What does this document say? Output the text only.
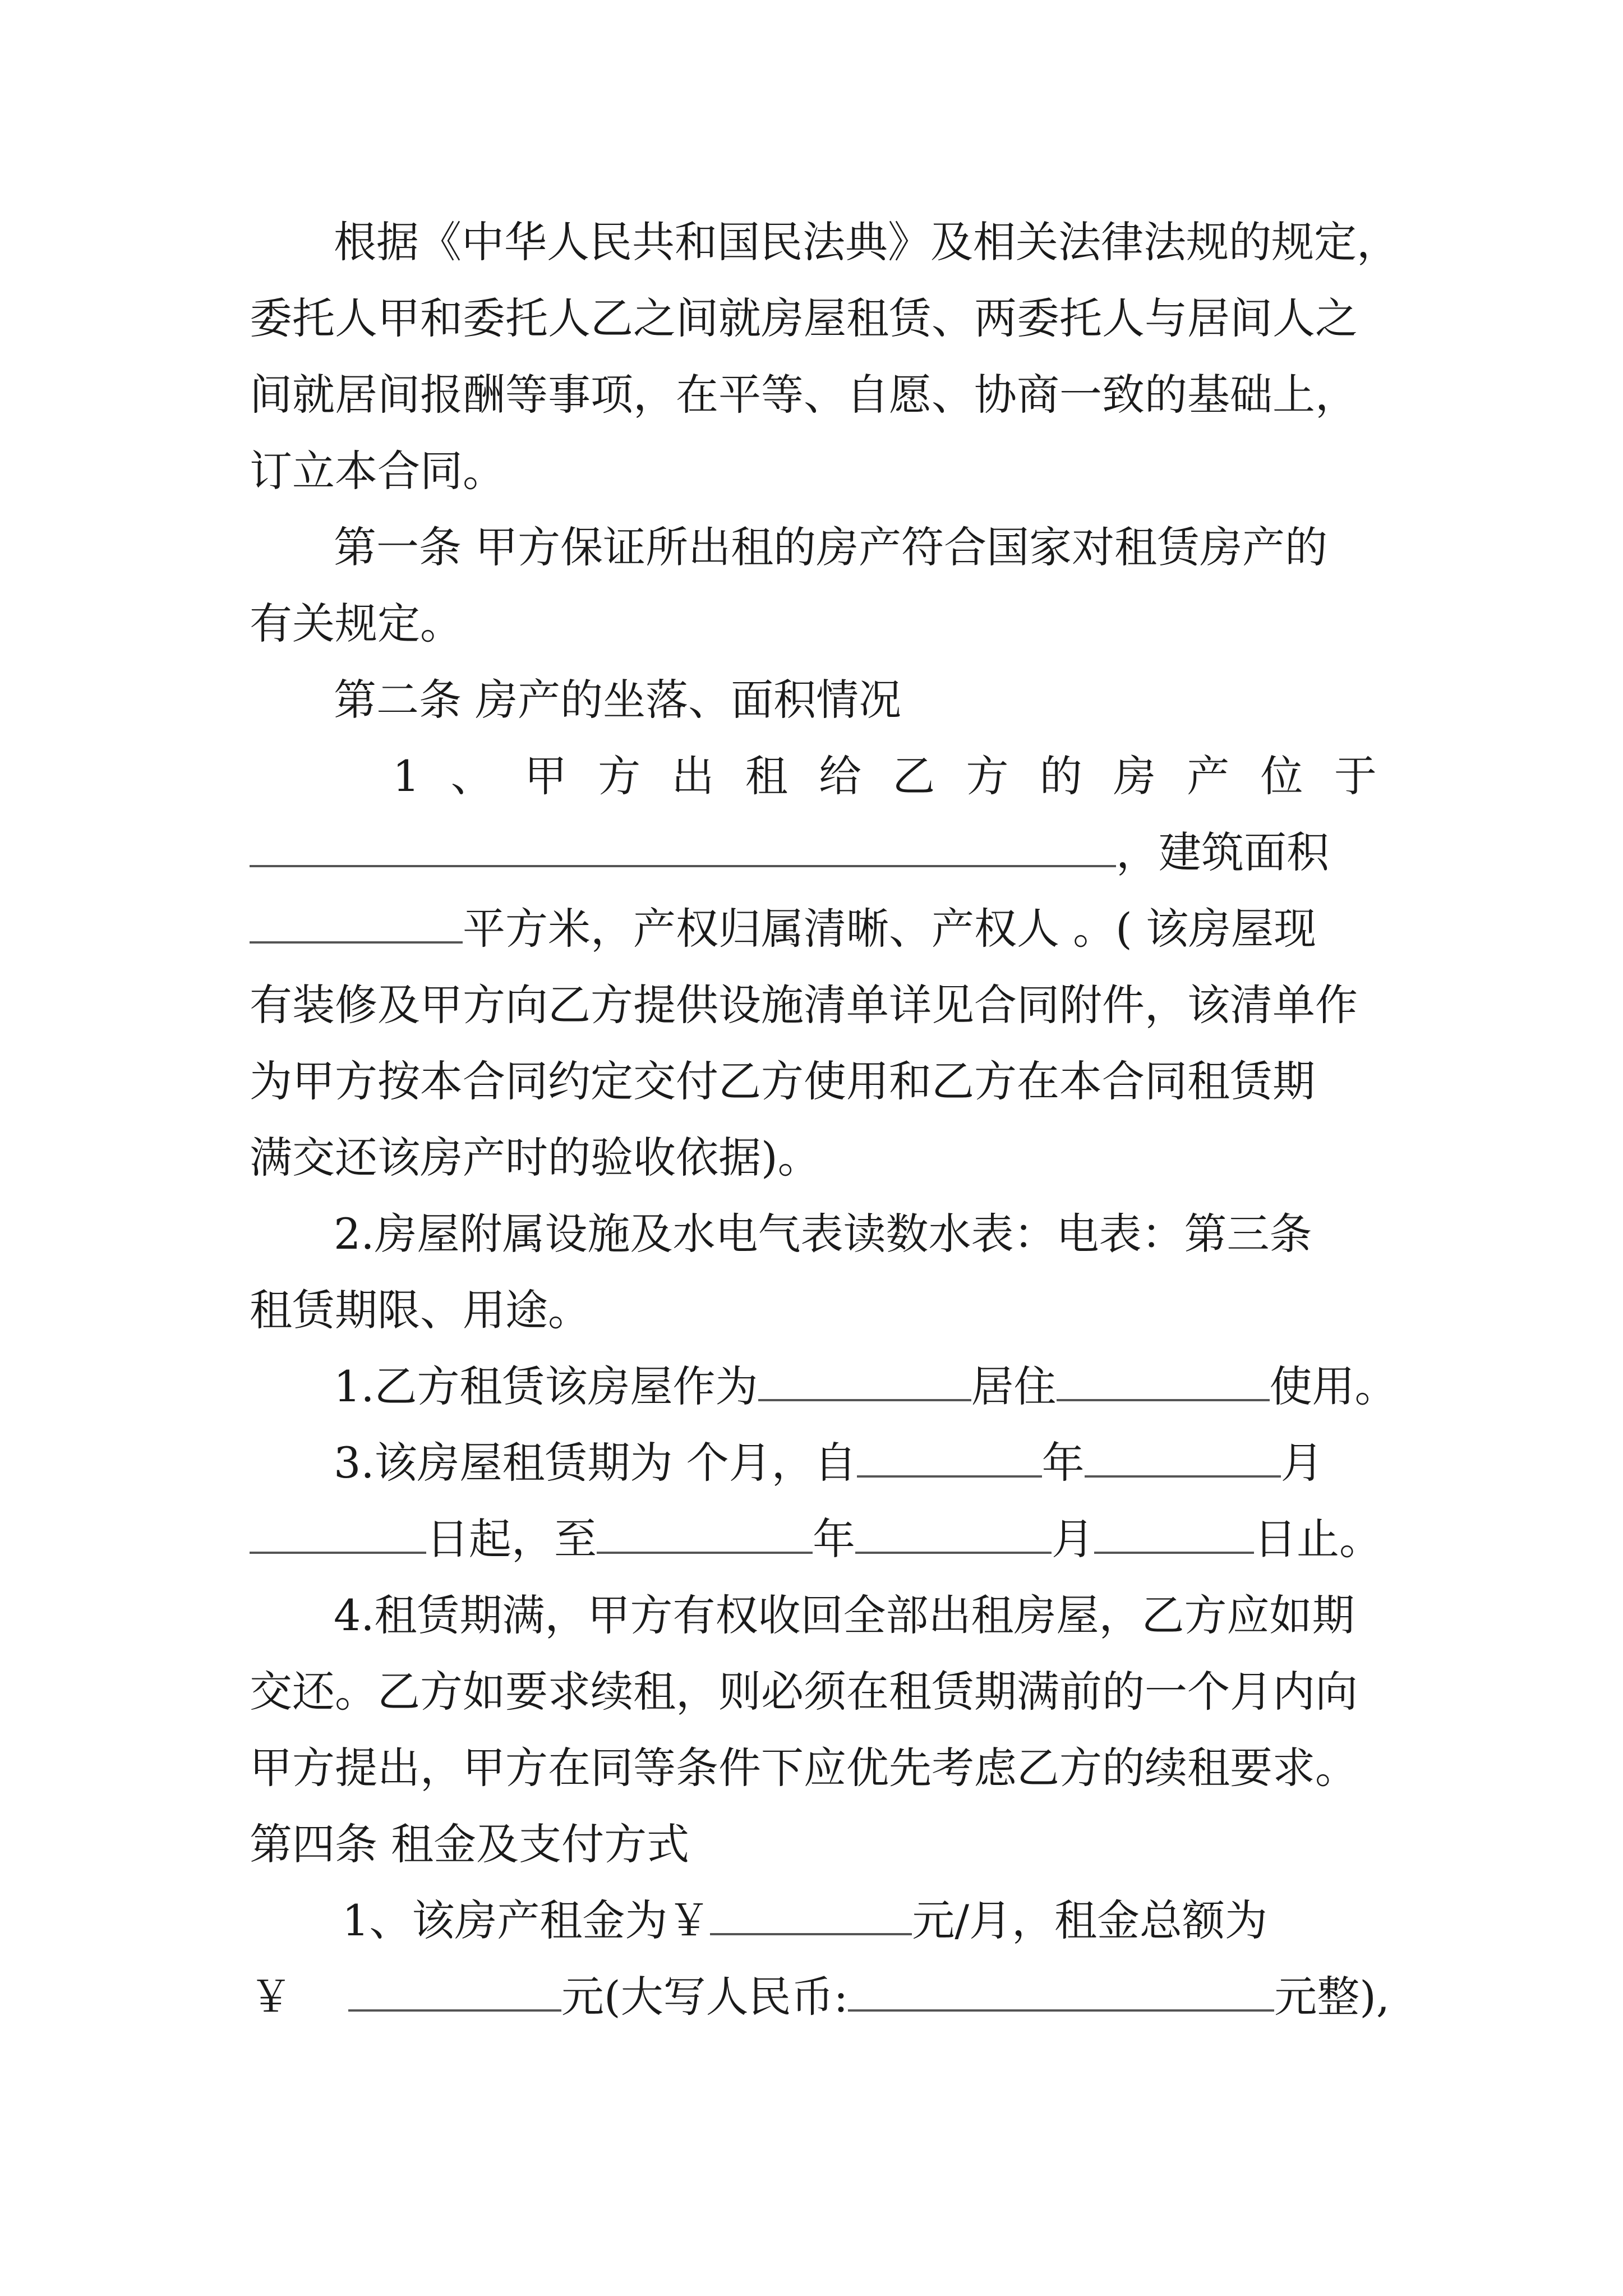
根据《中华人民共和国民法典》及相关法律法规的规定，
委托人甲和委托人乙之间就房屋租赁、两委托人与居间人之
间就居间报酬等事项，在平等、自愿、协商一致的基础上，
订立本合同。
第一条 甲方保证所出租的房产符合国家对租赁房产的
有关规定。
第二条 房产的坐落、面积情况
1 、 甲 方 出 租 给 乙 方 的 房 产 位 于
，建筑面积
平方米，产权归属清晰、产权人 。( 该房屋现
有装修及甲方向乙方提供设施清单详见合同附件，该清单作
为甲方按本合同约定交付乙方使用和乙方在本合同租赁期
满交还该房产时的验收依据)。
2.房屋附属设施及水电气表读数水表：电表：第三条
租赁期限、用途。
1.乙方租赁该房屋作为	居住	使用。
3.该房屋租赁期为 个月，自	年	月
日起，至	年	月	日止。
4.租赁期满，甲方有权收回全部出租房屋，乙方应如期
交还。乙方如要求续租，则必须在租赁期满前的一个月内向
甲方提出，甲方在同等条件下应优先考虑乙方的续租要求。
第四条 租金及支付方式
1、该房产租金为￥	元/月，租金总额为
￥	元(大写人民币:	元整),
